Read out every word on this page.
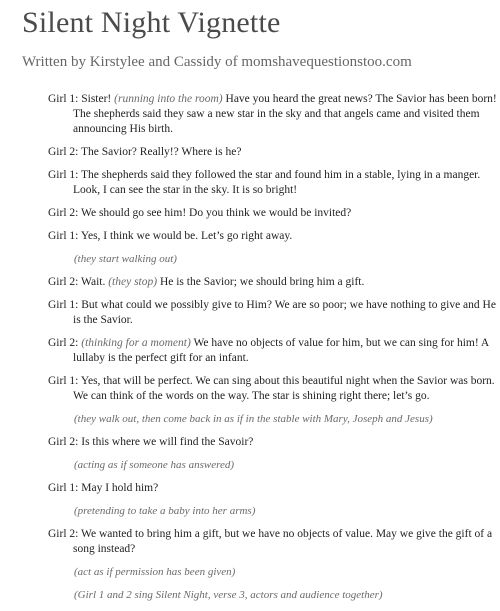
Silent Night Vignette
Written by Kirstylee and Cassidy of momshavequestionstoo.com
Girl 1: Sister! (running into the room) Have you heard the great news? The Savior has been born! The shepherds said they saw a new star in the sky and that angels came and visited them announcing His birth.
Girl 2: The Savior? Really!? Where is he?
Girl 1: The shepherds said they followed the star and found him in a stable, lying in a manger. Look, I can see the star in the sky. It is so bright!
Girl 2: We should go see him! Do you think we would be invited?
Girl 1: Yes, I think we would be. Let’s go right away.
(they start walking out)
Girl 2: Wait. (they stop) He is the Savior; we should bring him a gift.
Girl 1: But what could we possibly give to Him? We are so poor; we have nothing to give and He is the Savior.
Girl 2: (thinking for a moment) We have no objects of value for him, but we can sing for him! A lullaby is the perfect gift for an infant.
Girl 1: Yes, that will be perfect. We can sing about this beautiful night when the Savior was born. We can think of the words on the way. The star is shining right there; let’s go.
(they walk out, then come back in as if in the stable with Mary, Joseph and Jesus)
Girl 2: Is this where we will find the Savoir?
(acting as if someone has answered)
Girl 1: May I hold him?
(pretending to take a baby into her arms)
Girl 2: We wanted to bring him a gift, but we have no objects of value. May we give the gift of a song instead?
(act as if permission has been given)
(Girl 1 and 2 sing Silent Night, verse 3, actors and audience together)
